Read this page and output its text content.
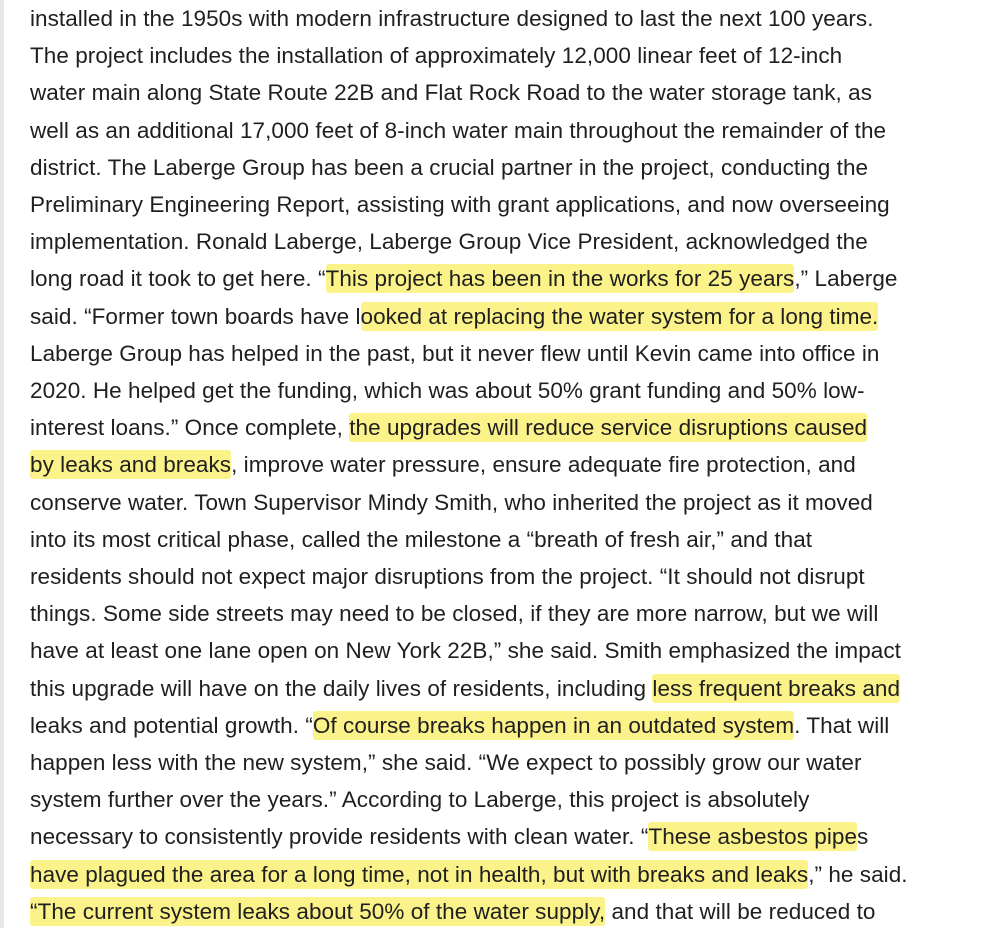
installed in the 1950s with modern infrastructure designed to last the next 100 years.
The project includes the installation of approximately 12,000 linear feet of 12-inch
water main along State Route 22B and Flat Rock Road to the water storage tank, as
well as an additional 17,000 feet of 8-inch water main throughout the remainder of the
district. The Laberge Group has been a crucial partner in the project, conducting the
Preliminary Engineering Report, assisting with grant applications, and now overseeing
implementation. Ronald Laberge, Laberge Group Vice President, acknowledged the
long road it took to get here. “This project has been in the works for 25 years,” Laberge
said. “Former town boards have looked at replacing the water system for a long time.
Laberge Group has helped in the past, but it never flew until Kevin came into office in
2020. He helped get the funding, which was about 50% grant funding and 50% low-
interest loans.” Once complete, the upgrades will reduce service disruptions caused
by leaks and breaks, improve water pressure, ensure adequate fire protection, and
conserve water. Town Supervisor Mindy Smith, who inherited the project as it moved
into its most critical phase, called the milestone a “breath of fresh air,” and that
residents should not expect major disruptions from the project. “It should not disrupt
things. Some side streets may need to be closed, if they are more narrow, but we will
have at least one lane open on New York 22B,” she said. Smith emphasized the impact
this upgrade will have on the daily lives of residents, including less frequent breaks and
leaks and potential growth. “Of course breaks happen in an outdated system. That will
happen less with the new system,” she said. “We expect to possibly grow our water
system further over the years.” According to Laberge, this project is absolutely
necessary to consistently provide residents with clean water. “These asbestos pipes
have plagued the area for a long time, not in health, but with breaks and leaks,” he said.
“The current system leaks about 50% of the water supply, and that will be reduced to
